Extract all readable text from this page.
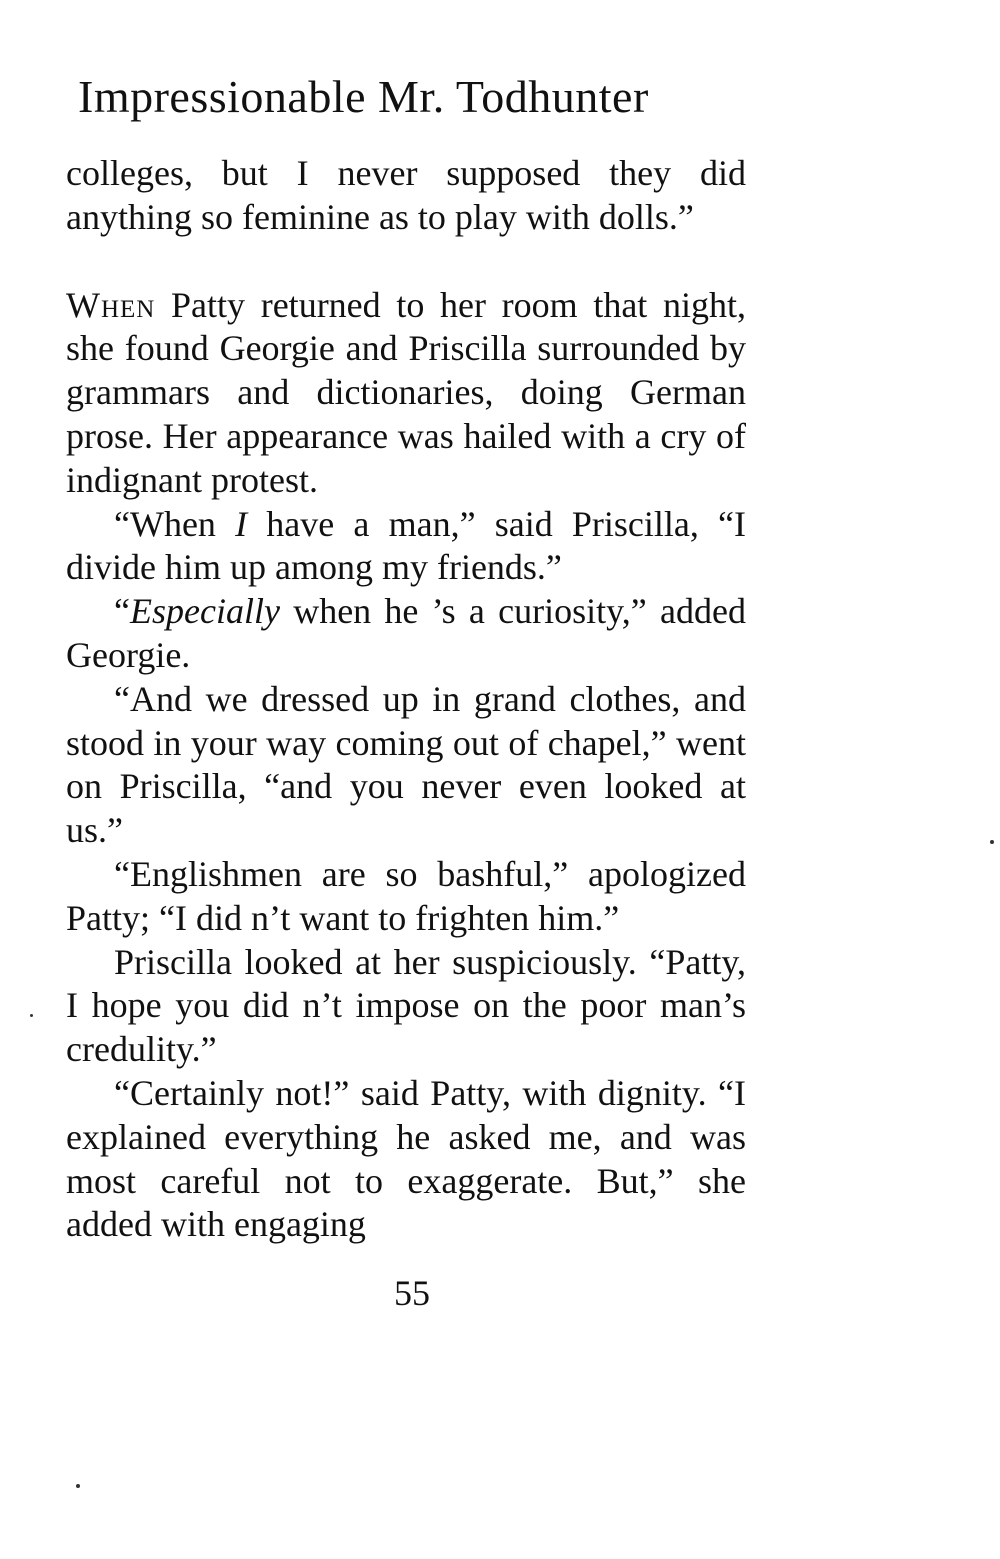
Impressionable Mr. Todhunter

colleges, but I never supposed they did anything so feminine as to play with dolls.”

When Patty returned to her room that night, she found Georgie and Priscilla surrounded by grammars and dictionaries, doing German prose. Her appearance was hailed with a cry of indignant protest.

“When I have a man,” said Priscilla, “I divide him up among my friends.”

“Especially when he ’s a curiosity,” added Georgie.

“And we dressed up in grand clothes, and stood in your way coming out of chapel,” went on Priscilla, “and you never even looked at us.”

“Englishmen are so bashful,” apologized Patty; “I did n’t want to frighten him.”

Priscilla looked at her suspiciously. “Patty, I hope you did n’t impose on the poor man’s credulity.”

“Certainly not!” said Patty, with dignity. “I explained everything he asked me, and was most careful not to exaggerate. But,” she added with engaging

55
